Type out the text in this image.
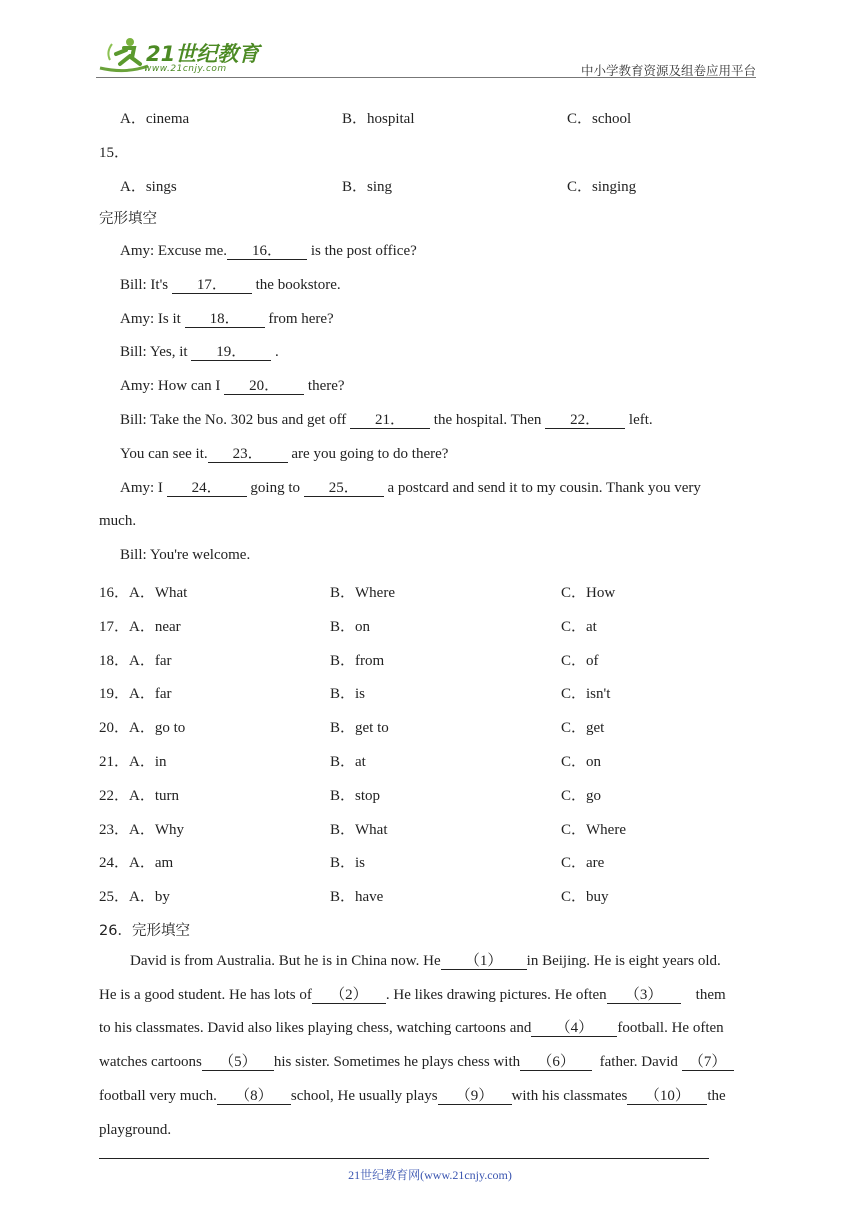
21世纪教育
www.21cnjy.com	中小学教育资源及组卷应用平台
A．cinema	B．hospital	C．school
15．
A．sings	B．sing	C．singing
完形填空
Amy: Excuse me. 16． is the post office?
Bill: It's 17． the bookstore.
Amy: Is it 18． from here?
Bill: Yes, it 19． .
Amy: How can I 20． there?
Bill: Take the No. 302 bus and get off 21． the hospital. Then 22． left.
You can see it. 23． are you going to do there?
Amy: I 24． going to 25． a postcard and send it to my cousin. Thank you very
much.
Bill: You're welcome.
16．A．What	B．Where	C．How
17．A．near	B．on	C．at
18．A．far	B．from	C．of
19．A．far	B．is	C．isn't
20．A．go to	B．get to	C．get
21．A．in	B．at	C．on
22．A．turn	B．stop	C．go
23．A．Why	B．What	C．Where
24．A．am	B．is	C．are
25．A．by	B．have	C．buy
26．完形填空
David is from Australia. But he is in China now. He （1） in Beijing. He is eight years old.
He is a good student. He has lots of （2） . He likes drawing pictures. He often （3）    them
to his classmates. David also likes playing chess, watching cartoons and （4） football. He often
watches cartoons （5） his sister. Sometimes he plays chess with （6）  father. David （7）
football very much. （8） school, He usually plays （9） with his classmates （10） the
playground.
21世纪教育网(www.21cnjy.com)
